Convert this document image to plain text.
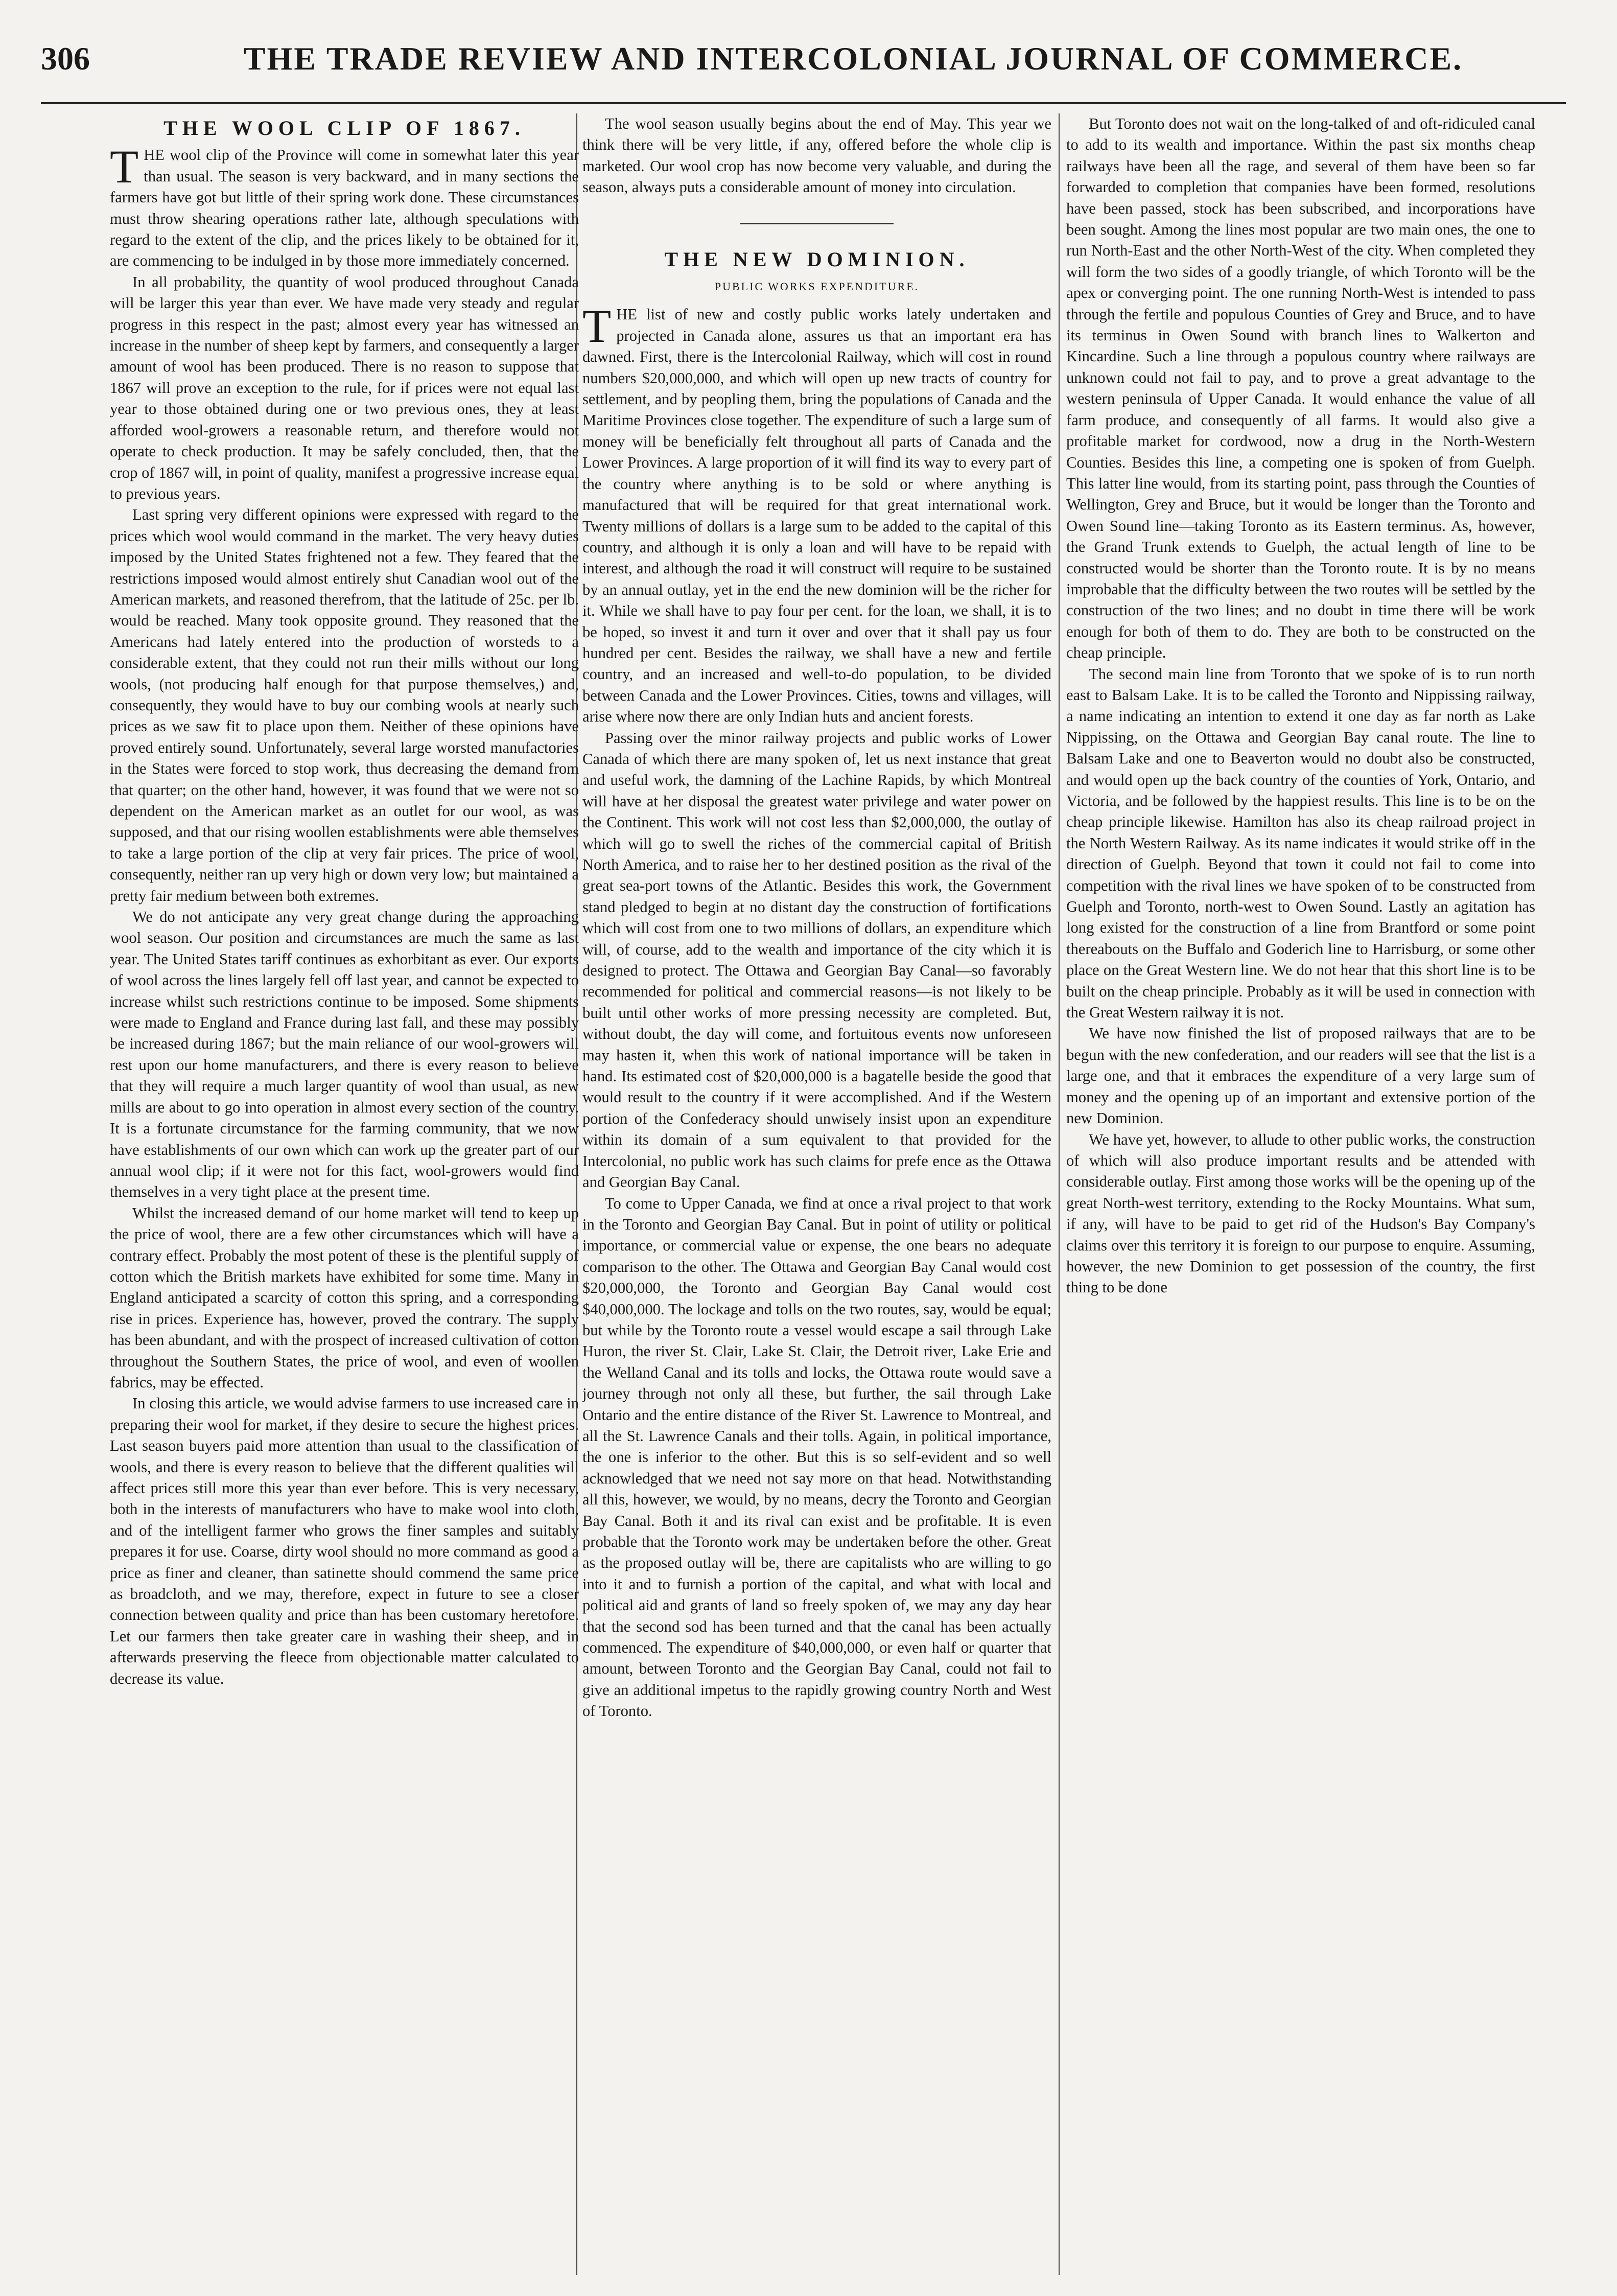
306	THE TRADE REVIEW AND INTERCOLONIAL JOURNAL OF COMMERCE.
THE WOOL CLIP OF 1867.

THE wool clip of the Province will come in somewhat later this year than usual. The season is very backward, and in many sections the farmers have got but little of their spring work done. These circumstances must throw shearing operations rather late, although speculations with regard to the extent of the clip, and the prices likely to be obtained for it, are commencing to be indulged in by those more immediately concerned.

In all probability, the quantity of wool produced throughout Canada will be larger this year than ever. We have made very steady and regular progress in this respect in the past; almost every year has witnessed an increase in the number of sheep kept by farmers, and consequently a larger amount of wool has been produced. There is no reason to suppose that 1867 will prove an exception to the rule, for if prices were not equal last year to those obtained during one or two previous ones, they at least afforded wool-growers a reasonable return, and therefore would not operate to check production. It may be safely concluded, then, that the crop of 1867 will, in point of quality, manifest a progressive increase equal to previous years.

Last spring very different opinions were expressed with regard to the prices which wool would command in the market. The very heavy duties imposed by the United States frightened not a few. They feared that the restrictions imposed would almost entirely shut Canadian wool out of the American markets, and reasoned therefrom, that the latitude of 25c. per lb. would be reached. Many took opposite ground. They reasoned that the Americans had lately entered into the production of worsteds to a considerable extent, that they could not run their mills without our long wools, (not producing half enough for that purpose themselves,) and, consequently, they would have to buy our combing wools at nearly such prices as we saw fit to place upon them. Neither of these opinions have proved entirely sound. Unfortunately, several large worsted manufactories in the States were forced to stop work, thus decreasing the demand from that quarter; on the other hand, however, it was found that we were not so dependent on the American market as an outlet for our wool, as was supposed, and that our rising woollen establishments were able themselves to take a large portion of the clip at very fair prices. The price of wool, consequently, neither ran up very high or down very low; but maintained a pretty fair medium between both extremes.

We do not anticipate any very great change during the approaching wool season. Our position and circumstances are much the same as last year. The United States tariff continues as exhorbitant as ever. Our exports of wool across the lines largely fell off last year, and cannot be expected to increase whilst such restrictions continue to be imposed. Some shipments were made to England and France during last fall, and these may possibly be increased during 1867; but the main reliance of our wool-growers will rest upon our home manufacturers, and there is every reason to believe that they will require a much larger quantity of wool than usual, as new mills are about to go into operation in almost every section of the country. It is a fortunate circumstance for the farming community, that we now have establishments of our own which can work up the greater part of our annual wool clip; if it were not for this fact, wool-growers would find themselves in a very tight place at the present time.

Whilst the increased demand of our home market will tend to keep up the price of wool, there are a few other circumstances which will have a contrary effect. Probably the most potent of these is the plentiful supply of cotton which the British markets have exhibited for some time. Many in England anticipated a scarcity of cotton this spring, and a corresponding rise in prices. Experience has, however, proved the contrary. The supply has been abundant, and with the prospect of increased cultivation of cotton throughout the Southern States, the price of wool, and even of woollen fabrics, may be effected.

In closing this article, we would advise farmers to use increased care in preparing their wool for market, if they desire to secure the highest prices. Last season buyers paid more attention than usual to the classification of wools, and there is every reason to believe that the different qualities will affect prices still more this year than ever before. This is very necessary, both in the interests of manufacturers who have to make wool into cloth, and of the intelligent farmer who grows the finer samples and suitably prepares it for use. Coarse, dirty wool should no more command as good a price as finer and cleaner, than satinette should commend the same price as broadcloth, and we may, therefore, expect in future to see a closer connection between quality and price than has been customary heretofore. Let our farmers then take greater care in washing their sheep, and in afterwards preserving the fleece from objectionable matter calculated to decrease its value.

The wool season usually begins about the end of May. This year we think there will be very little, if any, offered before the whole clip is marketed. Our wool crop has now become very valuable, and during the season, always puts a considerable amount of money into circulation.

THE NEW DOMINION.
PUBLIC WORKS EXPENDITURE.

THE list of new and costly public works lately undertaken and projected in Canada alone, assures us that an important era has dawned. First, there is the Intercolonial Railway, which will cost in round numbers $20,000,000, and which will open up new tracts of country for settlement, and by peopling them, bring the populations of Canada and the Maritime Provinces close together. The expenditure of such a large sum of money will be beneficially felt throughout all parts of Canada and the Lower Provinces. A large proportion of it will find its way to every part of the country where anything is to be sold or where anything is manufactured that will be required for that great international work. Twenty millions of dollars is a large sum to be added to the capital of this country, and although it is only a loan and will have to be repaid with interest, and although the road it will construct will require to be sustained by an annual outlay, yet in the end the new dominion will be the richer for it. While we shall have to pay four per cent. for the loan, we shall, it is to be hoped, so invest it and turn it over and over that it shall pay us four hundred per cent. Besides the railway, we shall have a new and fertile country, and an increased and well-to-do population, to be divided between Canada and the Lower Provinces. Cities, towns and villages, will arise where now there are only Indian huts and ancient forests.

Passing over the minor railway projects and public works of Lower Canada of which there are many spoken of, let us next instance that great and useful work, the damning of the Lachine Rapids, by which Montreal will have at her disposal the greatest water privilege and water power on the Continent. This work will not cost less than $2,000,000, the outlay of which will go to swell the riches of the commercial capital of British North America, and to raise her to her destined position as the rival of the great sea-port towns of the Atlantic. Besides this work, the Government stand pledged to begin at no distant day the construction of fortifications which will cost from one to two millions of dollars, an expenditure which will, of course, add to the wealth and importance of the city which it is designed to protect. The Ottawa and Georgian Bay Canal—so favorably recommended for political and commercial reasons—is not likely to be built until other works of more pressing necessity are completed. But, without doubt, the day will come, and fortuitous events now unforeseen may hasten it, when this work of national importance will be taken in hand. Its estimated cost of $20,000,000 is a bagatelle beside the good that would result to the country if it were accomplished. And if the Western portion of the Confederacy should unwisely insist upon an expenditure within its domain of a sum equivalent to that provided for the Intercolonial, no public work has such claims for prefe ence as the Ottawa and Georgian Bay Canal.

To come to Upper Canada, we find at once a rival project to that work in the Toronto and Georgian Bay Canal. But in point of utility or political importance, or commercial value or expense, the one bears no adequate comparison to the other. The Ottawa and Georgian Bay Canal would cost $20,000,000, the Toronto and Georgian Bay Canal would cost $40,000,000. The lockage and tolls on the two routes, say, would be equal; but while by the Toronto route a vessel would escape a sail through Lake Huron, the river St. Clair, Lake St. Clair, the Detroit river, Lake Erie and the Welland Canal and its tolls and locks, the Ottawa route would save a journey through not only all these, but further, the sail through Lake Ontario and the entire distance of the River St. Lawrence to Montreal, and all the St. Lawrence Canals and their tolls. Again, in political importance, the one is inferior to the other. But this is so self-evident and so well acknowledged that we need not say more on that head. Notwithstanding all this, however, we would, by no means, decry the Toronto and Georgian Bay Canal. Both it and its rival can exist and be profitable. It is even probable that the Toronto work may be undertaken before the other. Great as the proposed outlay will be, there are capitalists who are willing to go into it and to furnish a portion of the capital, and what with local and political aid and grants of land so freely spoken of, we may any day hear that the second sod has been turned and that the canal has been actually commenced. The expenditure of $40,000,000, or even half or quarter that amount, between Toronto and the Georgian Bay Canal, could not fail to give an additional impetus to the rapidly growing country North and West of Toronto.

But Toronto does not wait on the long-talked of and oft-ridiculed canal to add to its wealth and importance. Within the past six months cheap railways have been all the rage, and several of them have been so far forwarded to completion that companies have been formed, resolutions have been passed, stock has been subscribed, and incorporations have been sought. Among the lines most popular are two main ones, the one to run North-East and the other North-West of the city. When completed they will form the two sides of a goodly triangle, of which Toronto will be the apex or converging point. The one running North-West is intended to pass through the fertile and populous Counties of Grey and Bruce, and to have its terminus in Owen Sound with branch lines to Walkerton and Kincardine. Such a line through a populous country where railways are unknown could not fail to pay, and to prove a great advantage to the western peninsula of Upper Canada. It would enhance the value of all farm produce, and consequently of all farms. It would also give a profitable market for cordwood, now a drug in the North-Western Counties. Besides this line, a competing one is spoken of from Guelph. This latter line would, from its starting point, pass through the Counties of Wellington, Grey and Bruce, but it would be longer than the Toronto and Owen Sound line—taking Toronto as its Eastern terminus. As, however, the Grand Trunk extends to Guelph, the actual length of line to be constructed would be shorter than the Toronto route. It is by no means improbable that the difficulty between the two routes will be settled by the construction of the two lines; and no doubt in time there will be work enough for both of them to do. They are both to be constructed on the cheap principle.

The second main line from Toronto that we spoke of is to run north east to Balsam Lake. It is to be called the Toronto and Nippissing railway, a name indicating an intention to extend it one day as far north as Lake Nippissing, on the Ottawa and Georgian Bay canal route. The line to Balsam Lake and one to Beaverton would no doubt also be constructed, and would open up the back country of the counties of York, Ontario, and Victoria, and be followed by the happiest results. This line is to be on the cheap principle likewise. Hamilton has also its cheap railroad project in the North Western Railway. As its name indicates it would strike off in the direction of Guelph. Beyond that town it could not fail to come into competition with the rival lines we have spoken of to be constructed from Guelph and Toronto, north-west to Owen Sound. Lastly an agitation has long existed for the construction of a line from Brantford or some point thereabouts on the Buffalo and Goderich line to Harrisburg, or some other place on the Great Western line. We do not hear that this short line is to be built on the cheap principle. Probably as it will be used in connection with the Great Western railway it is not.

We have now finished the list of proposed railways that are to be begun with the new confederation, and our readers will see that the list is a large one, and that it embraces the expenditure of a very large sum of money and the opening up of an important and extensive portion of the new Dominion.

We have yet, however, to allude to other public works, the construction of which will also produce important results and be attended with considerable outlay. First among those works will be the opening up of the great North-west territory, extending to the Rocky Mountains. What sum, if any, will have to be paid to get rid of the Hudson's Bay Company's claims over this territory it is foreign to our purpose to enquire. Assuming, however, the new Dominion to get possession of the country, the first thing to be done
